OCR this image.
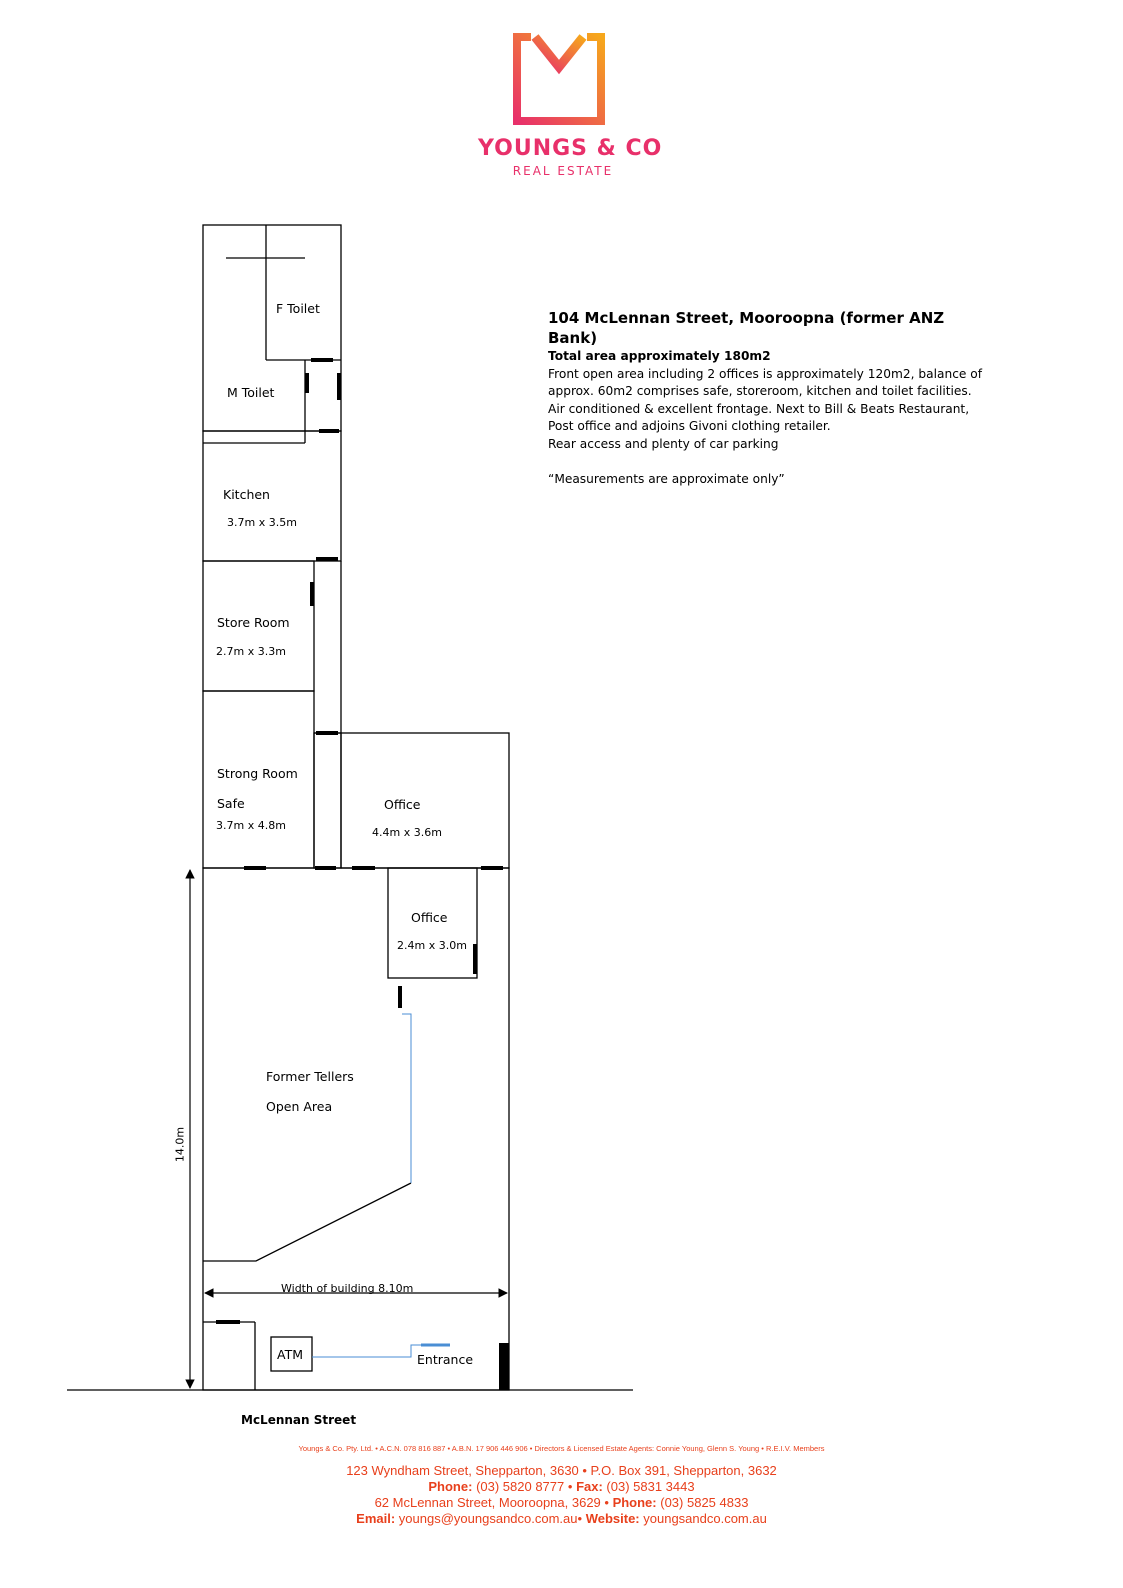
YOUNGS & CO
REAL ESTATE

104 McLennan Street, Mooroopna (former ANZ Bank)

Total area approximately 180m2

Front open area including 2 offices is approximately 120m2, balance of

approx. 60m2 comprises safe, storeroom, kitchen and toilet facilities.

Air conditioned & excellent frontage. Next to Bill & Beats Restaurant,

Post office and adjoins Givoni clothing retailer.

Rear access and plenty of car parking

“Measurements are approximate only”

F Toilet
M Toilet
Kitchen
3.7m x 3.5m
Store Room
2.7m x 3.3m
Strong Room
Safe
3.7m x 4.8m
Office
4.4m x 3.6m
Office
2.4m x 3.0m
Former Tellers
Open Area
ATM	Entrance
Width of building 8.10m
14.0m
McLennan Street
Youngs & Co. Pty. Ltd. • A.C.N. 078 816 887 • A.B.N. 17 906 446 906 • Directors & Licensed Estate Agents: Connie Young, Glenn S. Young • R.E.I.V. Members
123 Wyndham Street, Shepparton, 3630 • P.O. Box 391, Shepparton, 3632
Phone: (03) 5820 8777 • Fax: (03) 5831 3443
62 McLennan Street, Mooroopna, 3629 • Phone: (03) 5825 4833
Email: youngs@youngsandco.com.au• Website: youngsandco.com.au
